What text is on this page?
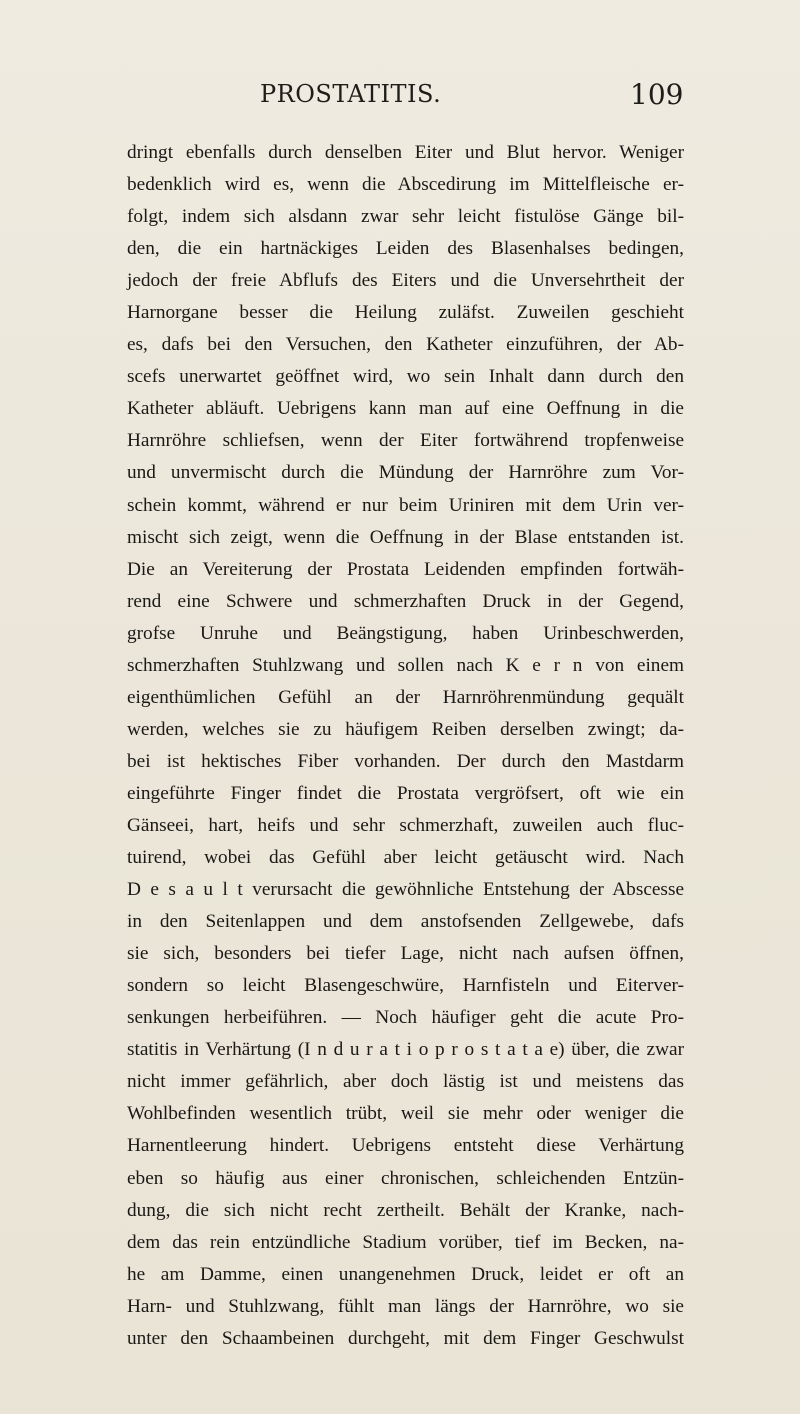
PROSTATITIS.	109
dringt ebenfalls durch denselben Eiter und Blut hervor. Weniger
bedenklich wird es, wenn die Abscedirung im Mittelfleische er-
folgt, indem sich alsdann zwar sehr leicht fistulöse Gänge bil-
den, die ein hartnäckiges Leiden des Blasenhalses bedingen,
jedoch der freie Abflufs des Eiters und die Unversehrtheit der
Harnorgane besser die Heilung zuläfst. Zuweilen geschieht
es, dafs bei den Versuchen, den Katheter einzuführen, der Ab-
scefs unerwartet geöffnet wird, wo sein Inhalt dann durch den
Katheter abläuft. Uebrigens kann man auf eine Oeffnung in die
Harnröhre schliefsen, wenn der Eiter fortwährend tropfenweise
und unvermischt durch die Mündung der Harnröhre zum Vor-
schein kommt, während er nur beim Uriniren mit dem Urin ver-
mischt sich zeigt, wenn die Oeffnung in der Blase entstanden ist.
Die an Vereiterung der Prostata Leidenden empfinden fortwäh-
rend eine Schwere und schmerzhaften Druck in der Gegend,
grofse Unruhe und Beängstigung, haben Urinbeschwerden,
schmerzhaften Stuhlzwang und sollen nach K e r n von einem
eigenthümlichen Gefühl an der Harnröhrenmündung gequält
werden, welches sie zu häufigem Reiben derselben zwingt; da-
bei ist hektisches Fiber vorhanden. Der durch den Mastdarm
eingeführte Finger findet die Prostata vergröfsert, oft wie ein
Gänseei, hart, heifs und sehr schmerzhaft, zuweilen auch fluc-
tuirend, wobei das Gefühl aber leicht getäuscht wird. Nach
D e s a u l t verursacht die gewöhnliche Entstehung der Abscesse
in den Seitenlappen und dem anstofsenden Zellgewebe, dafs
sie sich, besonders bei tiefer Lage, nicht nach aufsen öffnen,
sondern so leicht Blasengeschwüre, Harnfisteln und Eiterver-
senkungen herbeiführen. — Noch häufiger geht die acute Pro-
statitis in Verhärtung (I n d u r a t i o p r o s t a t a e) über, die zwar
nicht immer gefährlich, aber doch lästig ist und meistens das
Wohlbefinden wesentlich trübt, weil sie mehr oder weniger die
Harnentleerung hindert. Uebrigens entsteht diese Verhärtung
eben so häufig aus einer chronischen, schleichenden Entzün-
dung, die sich nicht recht zertheilt. Behält der Kranke, nach-
dem das rein entzündliche Stadium vorüber, tief im Becken, na-
he am Damme, einen unangenehmen Druck, leidet er oft an
Harn- und Stuhlzwang, fühlt man längs der Harnröhre, wo sie
unter den Schaambeinen durchgeht, mit dem Finger Geschwulst
